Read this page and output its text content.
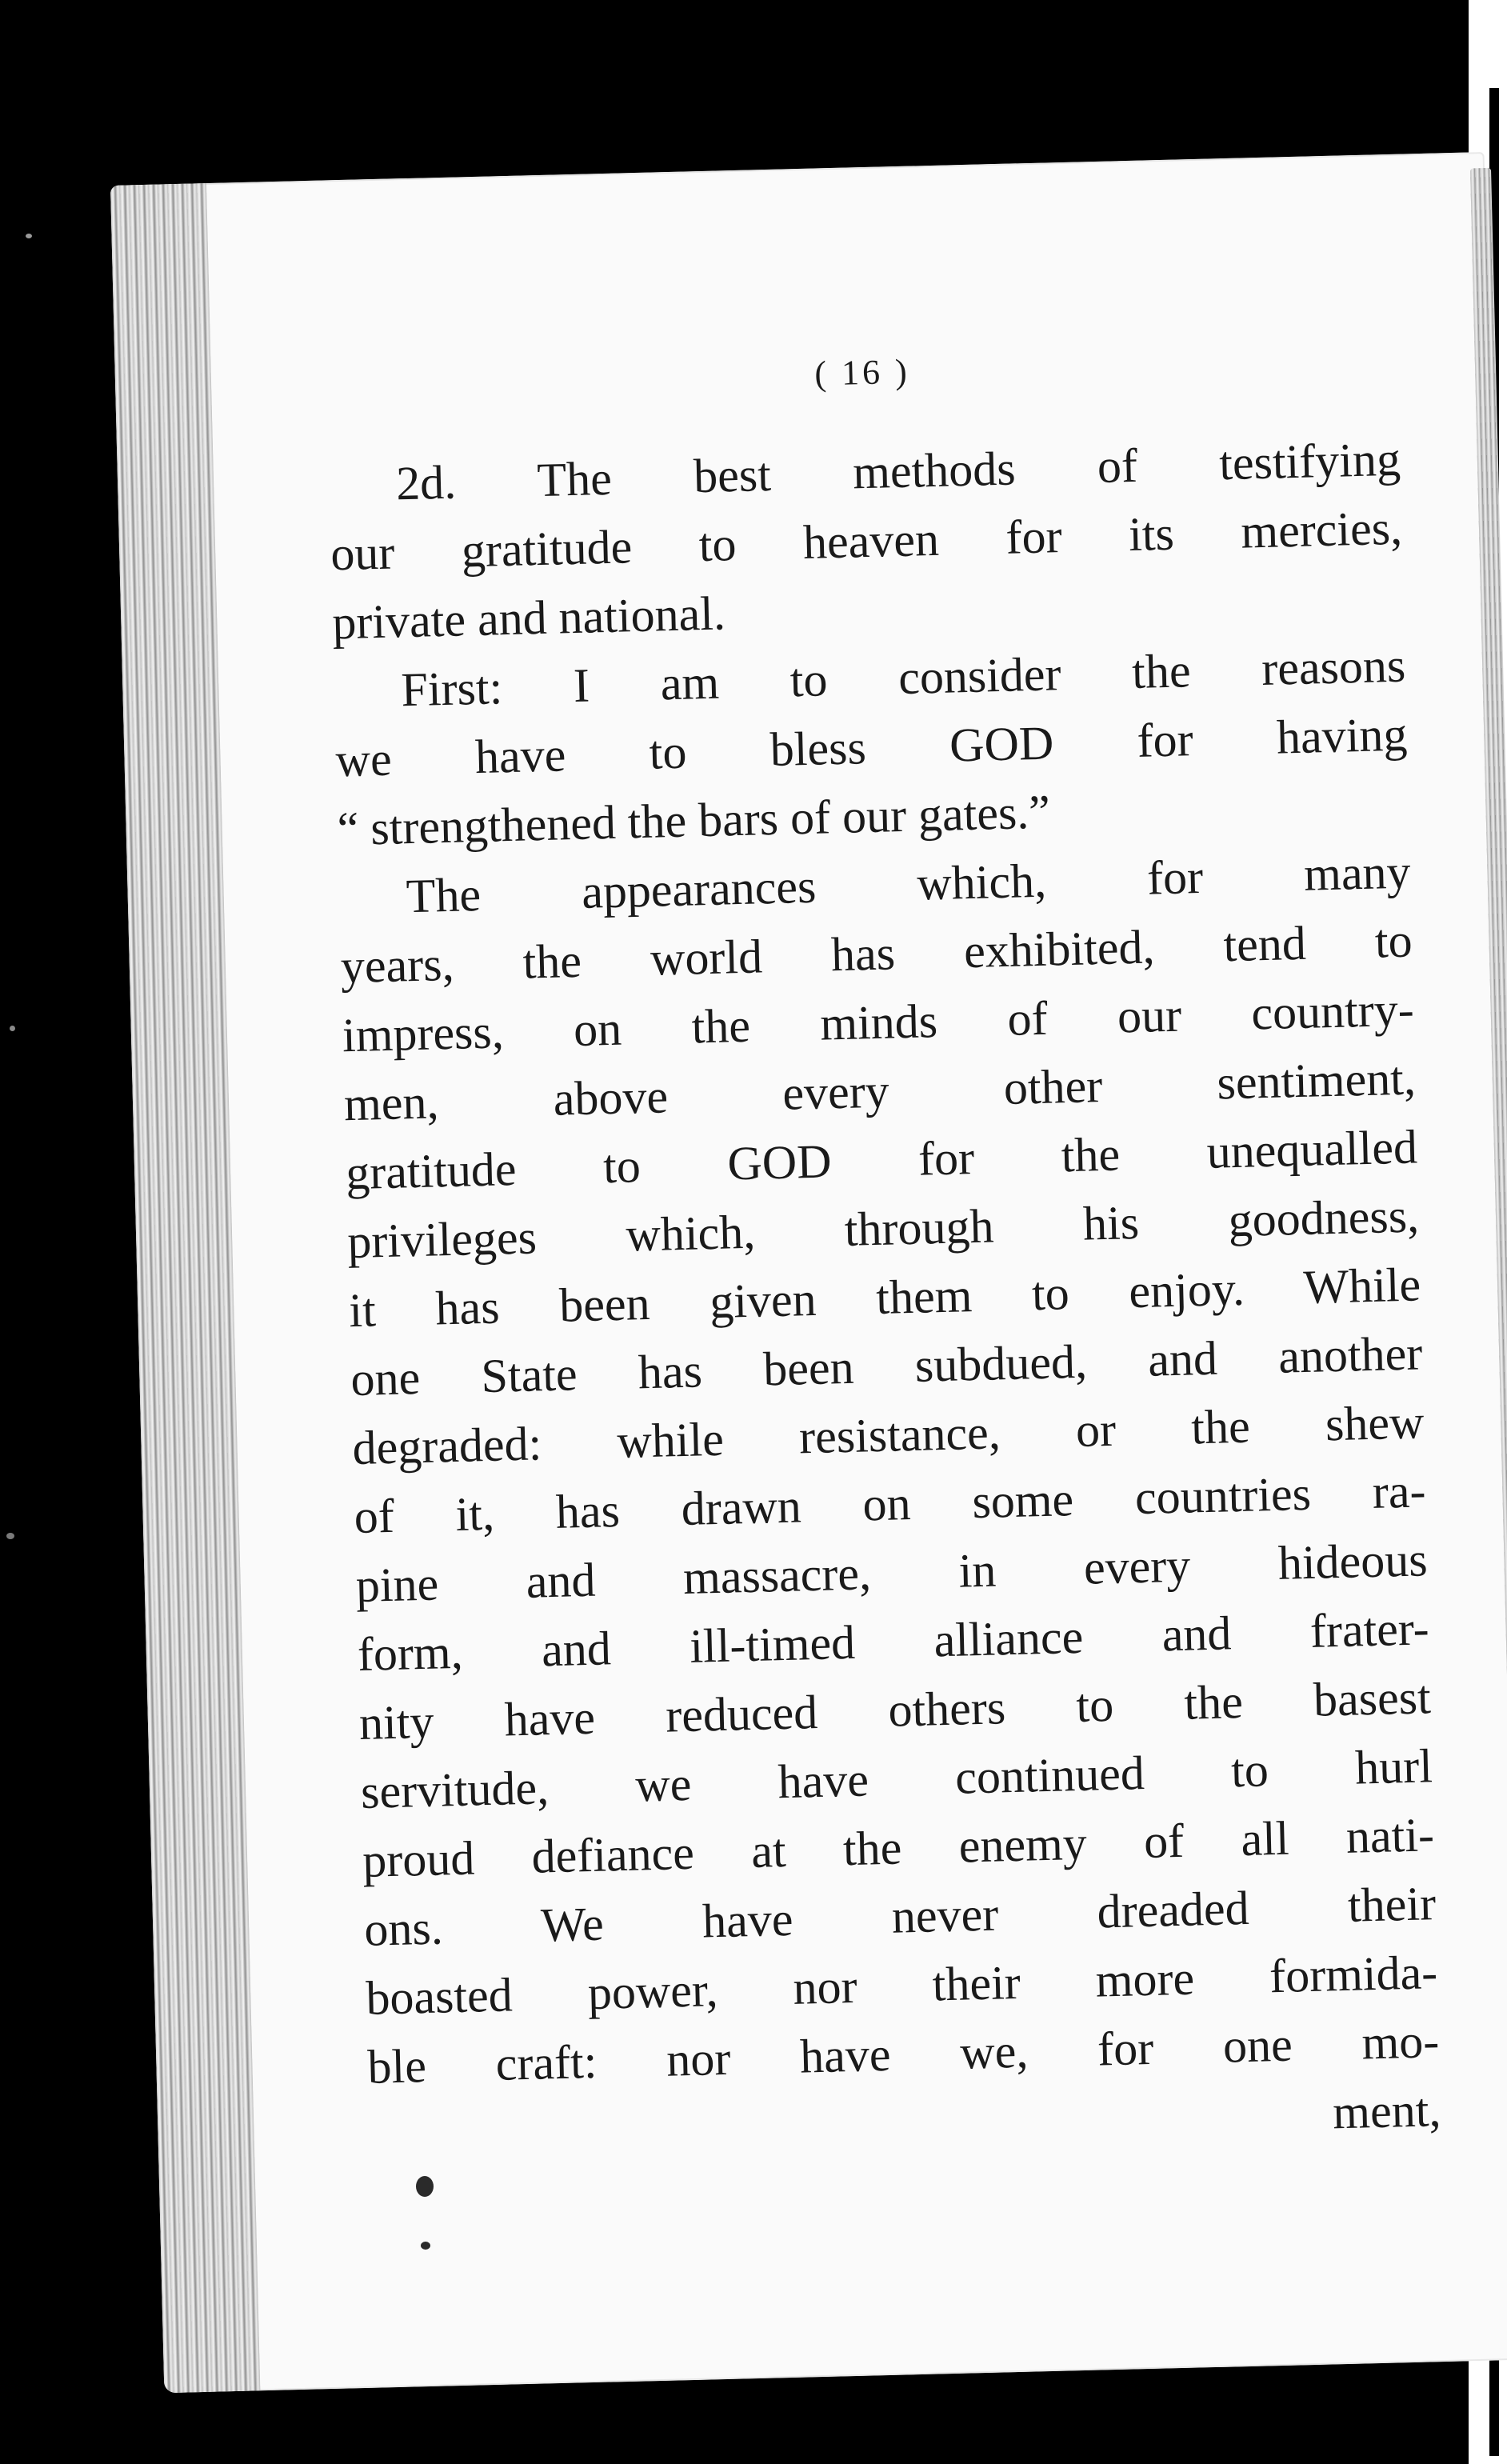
( 16 )
2d. The best methods of testifying
our gratitude to heaven for its mercies,
private and national.
First: I am to consider the reasons
we have to bless GOD for having
“ strengthened the bars of our gates.”
The appearances which, for many
years, the world has exhibited, tend to
impress, on the minds of our country-
men, above every other sentiment,
gratitude to GOD for the unequalled
privileges which, through his goodness,
it has been given them to enjoy. While
one State has been subdued, and another
degraded: while resistance, or the shew
of it, has drawn on some countries ra-
pine and massacre, in every hideous
form, and ill-timed alliance and frater-
nity have reduced others to the basest
servitude, we have continued to hurl
proud defiance at the enemy of all nati-
ons. We have never dreaded their
boasted power, nor their more formida-
ble craft: nor have we, for one mo-
ment,
